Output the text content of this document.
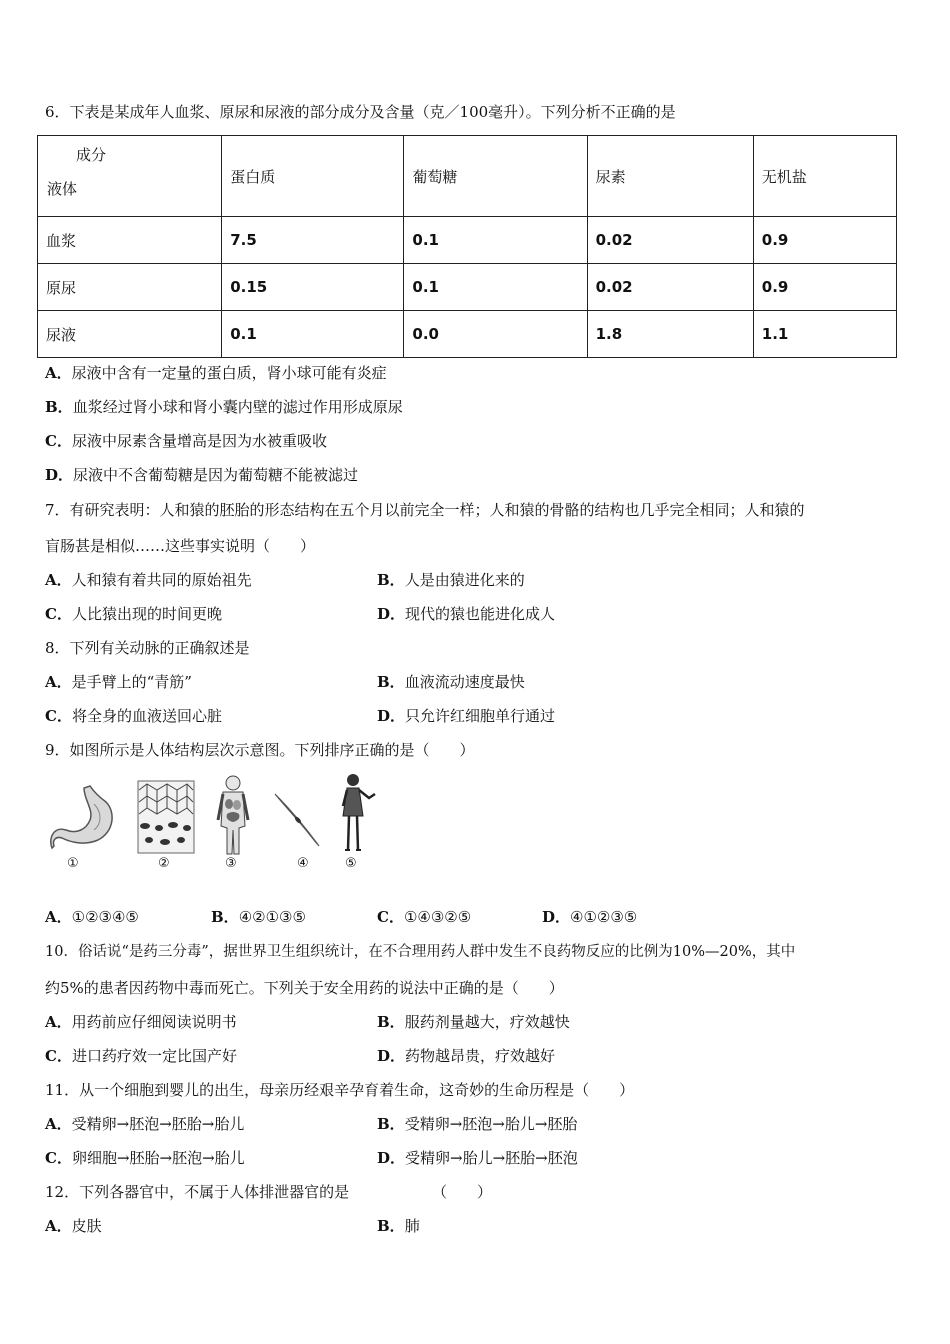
6．下表是某成年人血浆、原尿和尿液的部分成分及含量（克／100毫升）。下列分析不正确的是
成分
液体	蛋白质	葡萄糖	尿素	无机盐
血浆	7.5	0.1	0.02	0.9
原尿	0.15	0.1	0.02	0.9
尿液	0.1	0.0	1.8	1.1
A．尿液中含有一定量的蛋白质，肾小球可能有炎症
B．血浆经过肾小球和肾小囊内壁的滤过作用形成原尿
C．尿液中尿素含量增高是因为水被重吸收
D．尿液中不含葡萄糖是因为葡萄糖不能被滤过
7．有研究表明：人和猿的胚胎的形态结构在五个月以前完全一样；人和猿的骨骼的结构也几乎完全相同；人和猿的
盲肠甚是相似……这些事实说明（　　）
A．人和猿有着共同的原始祖先	B．人是由猿进化来的
C．人比猿出现的时间更晚	D．现代的猿也能进化成人
8．下列有关动脉的正确叙述是
A．是手臂上的“青筋”	B．血液流动速度最快
C．将全身的血液送回心脏	D．只允许红细胞单行通过
9．如图所示是人体结构层次示意图。下列排序正确的是（　　）
①	②	③	④	⑤
A．①②③④⑤	B．④②①③⑤	C．①④③②⑤	D．④①②③⑤
10．俗话说“是药三分毒”，据世界卫生组织统计，在不合理用药人群中发生不良药物反应的比例为10%—20%，其中
约5%的患者因药物中毒而死亡。下列关于安全用药的说法中正确的是（　　）
A．用药前应仔细阅读说明书	B．服药剂量越大，疗效越快
C．进口药疗效一定比国产好	D．药物越昂贵，疗效越好
11．从一个细胞到婴儿的出生，母亲历经艰辛孕育着生命，这奇妙的生命历程是（　　）
A．受精卵→胚泡→胚胎→胎儿	B．受精卵→胚泡→胎儿→胚胎
C．卵细胞→胚胎→胚泡→胎儿	D．受精卵→胎儿→胚胎→胚泡
12．下列各器官中，不属于人体排泄器官的是	（　　）
A．皮肤	B．肺
